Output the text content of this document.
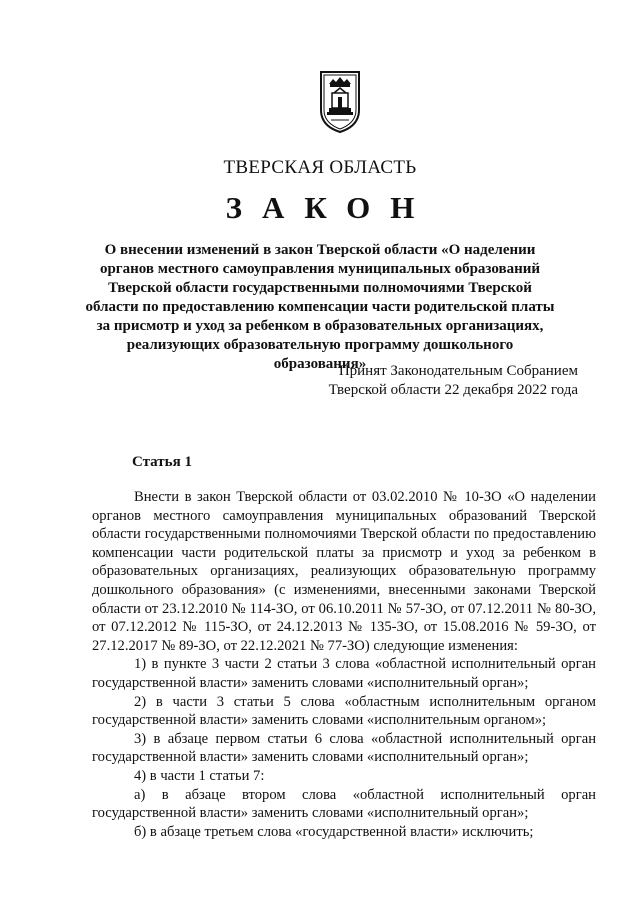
ТВЕРСКАЯ ОБЛАСТЬ
ЗАКОН
О внесении изменений в закон Тверской области «О наделении органов местного самоуправления муниципальных образований Тверской области государственными полномочиями Тверской области по предоставлению компенсации части родительской платы за присмотр и уход за ребенком в образовательных организациях, реализующих образовательную программу дошкольного образования»
Принят Законодательным Собранием
Тверской области 22 декабря 2022 года
Статья 1

Внести в закон Тверской области от 03.02.2010 № 10-ЗО «О наделении органов местного самоуправления муниципальных образований Тверской области государственными полномочиями Тверской области по предоставлению компенсации части родительской платы за присмотр и уход за ребенком в образовательных организациях, реализующих образовательную программу дошкольного образования» (с изменениями, внесенными законами Тверской области от 23.12.2010 № 114-ЗО, от 06.10.2011 № 57-ЗО, от 07.12.2011 № 80-ЗО, от 07.12.2012 № 115-ЗО, от 24.12.2013 № 135-ЗО, от 15.08.2016 № 59-ЗО, от 27.12.2017 № 89-ЗО, от 22.12.2021 № 77-ЗО) следующие изменения:

1) в пункте 3 части 2 статьи 3 слова «областной исполнительный орган государственной власти» заменить словами «исполнительный орган»;

2) в части 3 статьи 5 слова «областным исполнительным органом государственной власти» заменить словами «исполнительным органом»;

3) в абзаце первом статьи 6 слова «областной исполнительный орган государственной власти» заменить словами «исполнительный орган»;

4) в части 1 статьи 7:

а) в абзаце втором слова «областной исполнительный орган государственной власти» заменить словами «исполнительный орган»;

б) в абзаце третьем слова «государственной власти» исключить;
